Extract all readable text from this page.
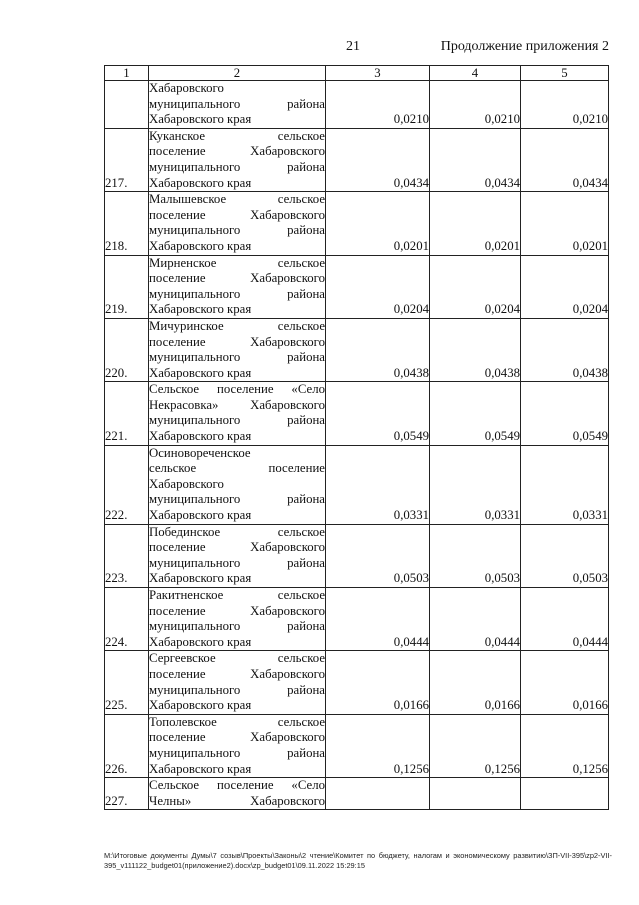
21	Продолжение приложения 2
1	2	3	4	5

	Хабаровского
муниципального района
Хабаровского края	0,0210	0,0210	0,0210
217.	Куканское сельское
поселение Хабаровского
муниципального района
Хабаровского края	0,0434	0,0434	0,0434
218.	Малышевское сельское
поселение Хабаровского
муниципального района
Хабаровского края	0,0201	0,0201	0,0201
219.	Мирненское сельское
поселение Хабаровского
муниципального района
Хабаровского края	0,0204	0,0204	0,0204
220.	Мичуринское сельское
поселение Хабаровского
муниципального района
Хабаровского края	0,0438	0,0438	0,0438
221.	Сельское поселение «Село
Некрасовка» Хабаровского
муниципального района
Хабаровского края	0,0549	0,0549	0,0549
222.	Осиновореченское
сельское поселение
Хабаровского
муниципального района
Хабаровского края	0,0331	0,0331	0,0331
223.	Побединское сельское
поселение Хабаровского
муниципального района
Хабаровского края	0,0503	0,0503	0,0503
224.	Ракитненское сельское
поселение Хабаровского
муниципального района
Хабаровского края	0,0444	0,0444	0,0444
225.	Сергеевское сельское
поселение Хабаровского
муниципального района
Хабаровского края	0,0166	0,0166	0,0166
226.	Тополевское сельское
поселение Хабаровского
муниципального района
Хабаровского края	0,1256	0,1256	0,1256
227.	Сельское поселение «Село
Челны» Хабаровского			

M:\Итоговые документы Думы\7 созыв\Проекты\Законы\2 чтение\Комитет по бюджету, налогам и экономическому развитию\ЗП-VII-395\zp2-VII-395_v111122_budget01(приложение2).docx\zp_budget01\09.11.2022 15:29:15
